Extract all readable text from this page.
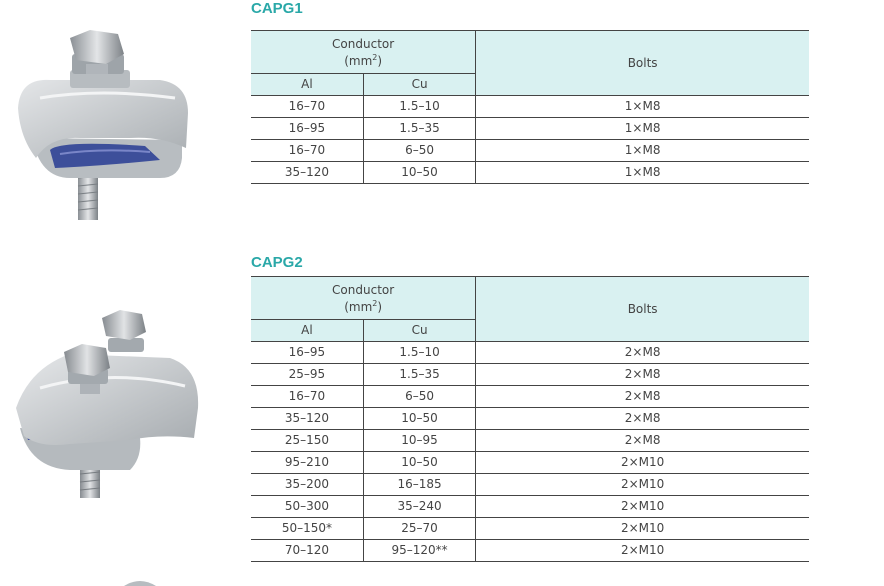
CAPG1
Conductor
$(mm^2)$		Bolts
Al	Cu	
16–70	1.5–10	1×M8
16–95	1.5–35	1×M8
16–70	6–50	1×M8
35–120	10–50	1×M8
CAPG2
Conductor
$(mm^2)$		Bolts
Al	Cu	
16–95	1.5–10	2×M8
25–95	1.5–35	2×M8
16–70	6–50	2×M8
35–120	10–50	2×M8
25–150	10–95	2×M8
95–210	10–50	2×M10
35–200	16–185	2×M10
50–300	35–240	2×M10
50–150*	25–70	2×M10
70–120	95–120**	2×M10
